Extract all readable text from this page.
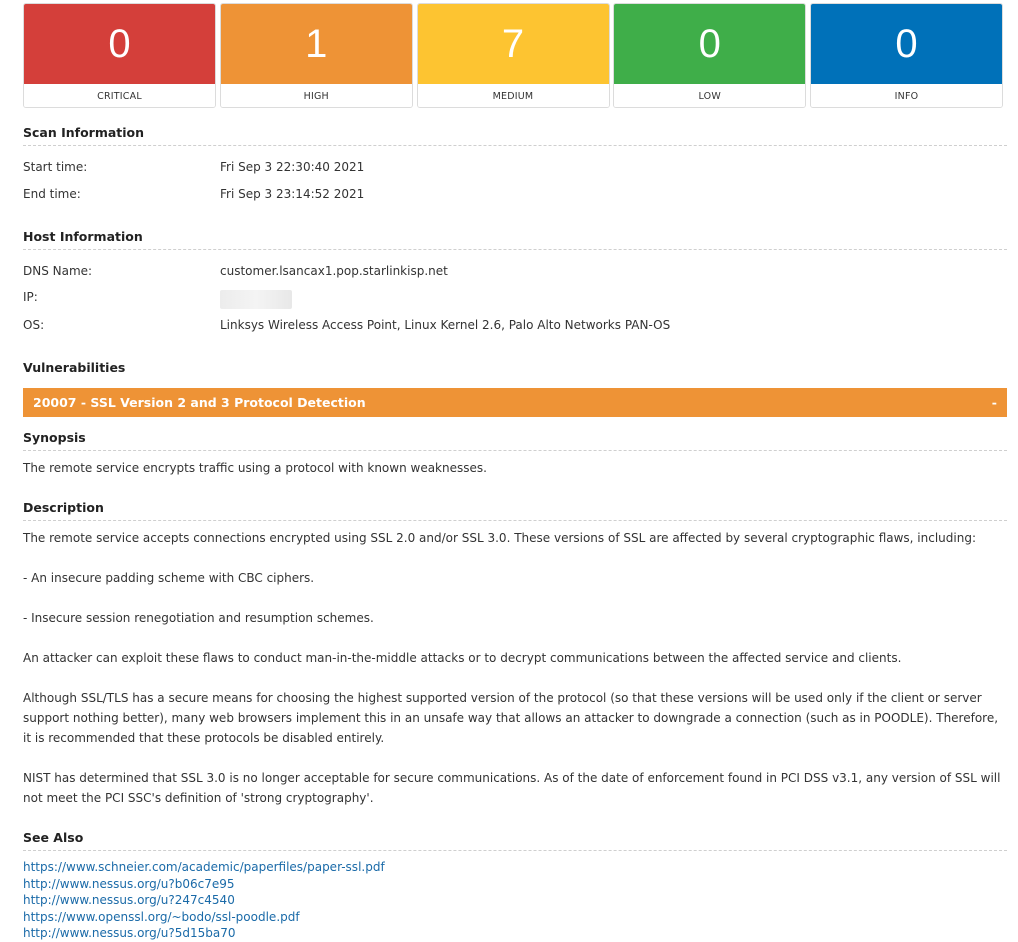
0
CRITICAL
1
HIGH
7
MEDIUM
0
LOW
0
INFO
Scan Information
Start time:	Fri Sep 3 22:30:40 2021
End time:	Fri Sep 3 23:14:52 2021
Host Information
DNS Name:	customer.lsancax1.pop.starlinkisp.net
IP:
OS:	Linksys Wireless Access Point, Linux Kernel 2.6, Palo Alto Networks PAN-OS
Vulnerabilities
20007 - SSL Version 2 and 3 Protocol Detection	-
Synopsis
The remote service encrypts traffic using a protocol with known weaknesses.
Description
The remote service accepts connections encrypted using SSL 2.0 and/or SSL 3.0. These versions of SSL are affected by several cryptographic flaws, including:
- An insecure padding scheme with CBC ciphers.
- Insecure session renegotiation and resumption schemes.
An attacker can exploit these flaws to conduct man-in-the-middle attacks or to decrypt communications between the affected service and clients.
Although SSL/TLS has a secure means for choosing the highest supported version of the protocol (so that these versions will be used only if the client or server support nothing better), many web browsers implement this in an unsafe way that allows an attacker to downgrade a connection (such as in POODLE). Therefore, it is recommended that these protocols be disabled entirely.
NIST has determined that SSL 3.0 is no longer acceptable for secure communications. As of the date of enforcement found in PCI DSS v3.1, any version of SSL will not meet the PCI SSC's definition of 'strong cryptography'.
See Also
https://www.schneier.com/academic/paperfiles/paper-ssl.pdf
http://www.nessus.org/u?b06c7e95
http://www.nessus.org/u?247c4540
https://www.openssl.org/~bodo/ssl-poodle.pdf
http://www.nessus.org/u?5d15ba70
